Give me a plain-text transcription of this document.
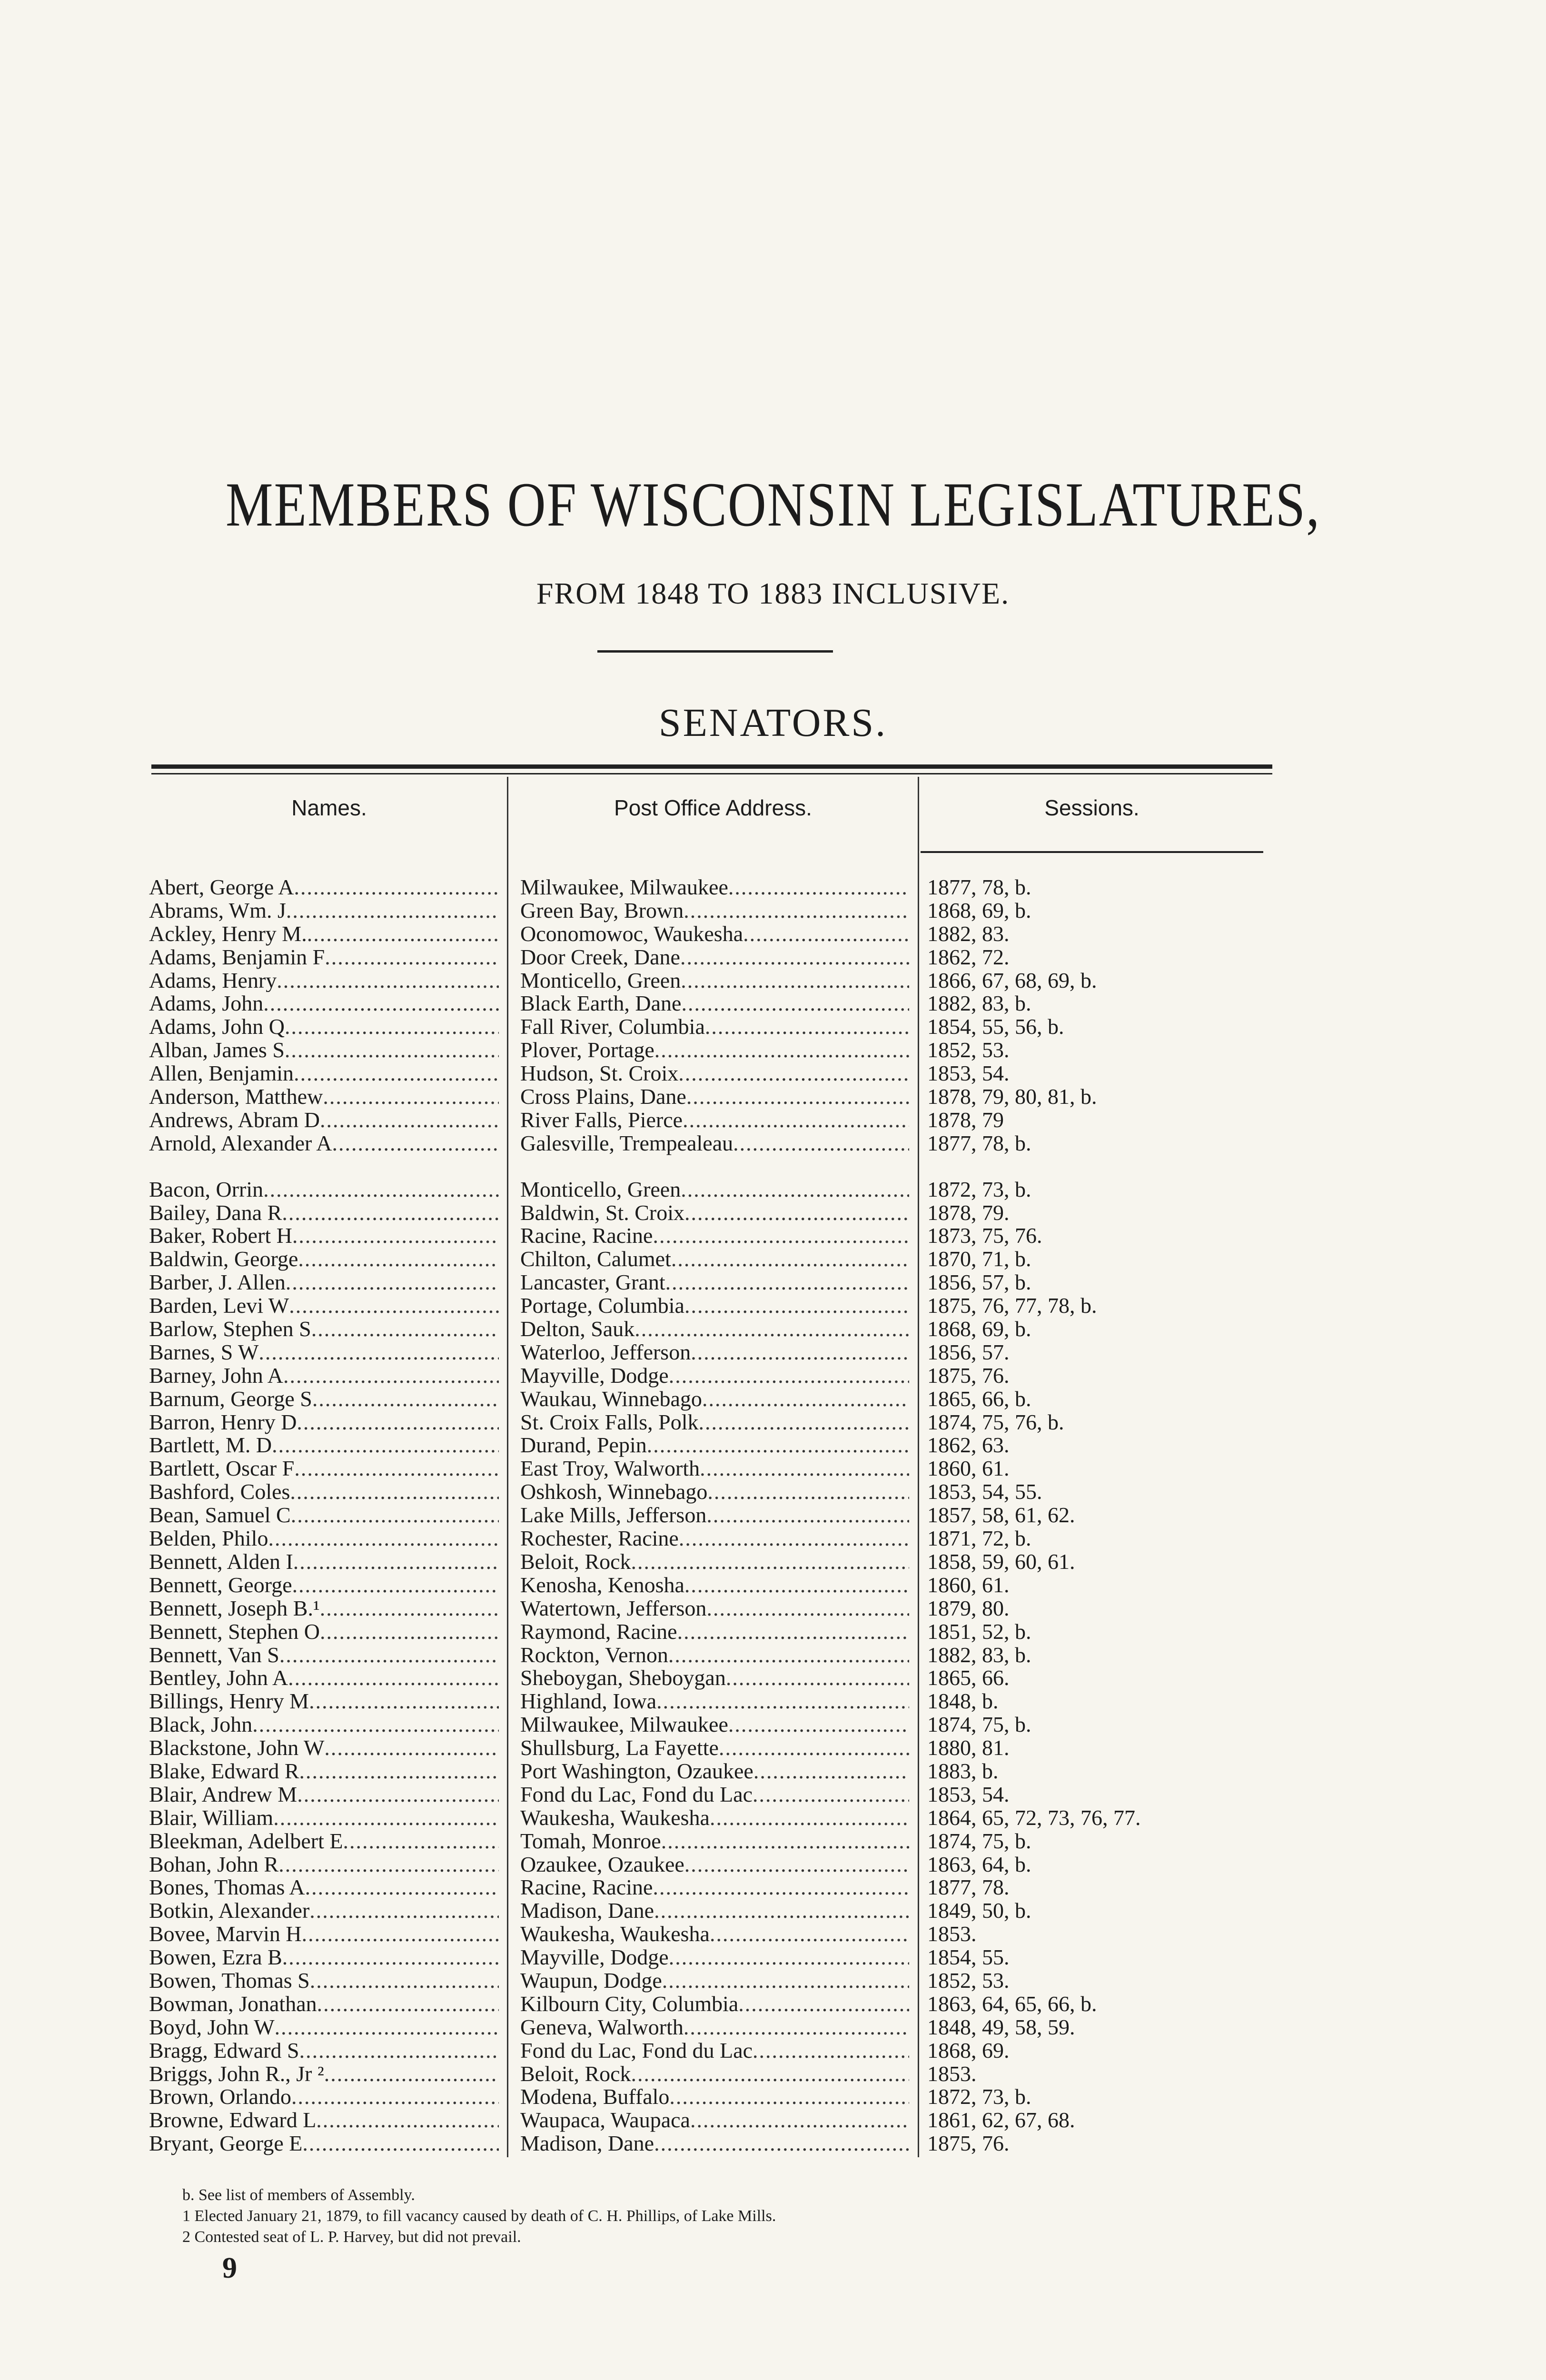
MEMBERS OF WISCONSIN LEGISLATURES,
FROM 1848 TO 1883 INCLUSIVE.
SENATORS.
Names.	Post Office Address.	Sessions.
Abert, George A .....	Milwaukee, Milwaukee .....	1877, 78, b.
Abrams, Wm. J .....	Green Bay, Brown .....	1868, 69, b.
Ackley, Henry M. .....	Oconomowoc, Waukesha .....	1882, 83.
Adams, Benjamin F .....	Door Creek, Dane .....	1862, 72.
Adams, Henry .....	Monticello, Green .....	1866, 67, 68, 69, b.
Adams, John .....	Black Earth, Dane .....	1882, 83, b.
Adams, John Q .....	Fall River, Columbia .....	1854, 55, 56, b.
Alban, James S .....	Plover, Portage .....	1852, 53.
Allen, Benjamin .....	Hudson, St. Croix .....	1853, 54.
Anderson, Matthew .....	Cross Plains, Dane .....	1878, 79, 80, 81, b.
Andrews, Abram D .....	River Falls, Pierce .....	1878, 79
Arnold, Alexander A .....	Galesville, Trempealeau .....	1877, 78, b.
Bacon, Orrin .....	Monticello, Green .....	1872, 73, b.
Bailey, Dana R .....	Baldwin, St. Croix .....	1878, 79.
Baker, Robert H .....	Racine, Racine .....	1873, 75, 76.
Baldwin, George .....	Chilton, Calumet .....	1870, 71, b.
Barber, J. Allen .....	Lancaster, Grant .....	1856, 57, b.
Barden, Levi W .....	Portage, Columbia .....	1875, 76, 77, 78, b.
Barlow, Stephen S .....	Delton, Sauk .....	1868, 69, b.
Barnes, S W .....	Waterloo, Jefferson .....	1856, 57.
Barney, John A .....	Mayville, Dodge .....	1875, 76.
Barnum, George S .....	Waukau, Winnebago .....	1865, 66, b.
Barron, Henry D .....	St. Croix Falls, Polk .....	1874, 75, 76, b.
Bartlett, M. D .....	Durand, Pepin .....	1862, 63.
Bartlett, Oscar F .....	East Troy, Walworth .....	1860, 61.
Bashford, Coles .....	Oshkosh, Winnebago .....	1853, 54, 55.
Bean, Samuel C .....	Lake Mills, Jefferson .....	1857, 58, 61, 62.
Belden, Philo .....	Rochester, Racine .....	1871, 72, b.
Bennett, Alden I .....	Beloit, Rock .....	1858, 59, 60, 61.
Bennett, George .....	Kenosha, Kenosha .....	1860, 61.
Bennett, Joseph B.¹ .....	Watertown, Jefferson .....	1879, 80.
Bennett, Stephen O .....	Raymond, Racine .....	1851, 52, b.
Bennett, Van S .....	Rockton, Vernon .....	1882, 83, b.
Bentley, John A .....	Sheboygan, Sheboygan .....	1865, 66.
Billings, Henry M .....	Highland, Iowa .....	1848, b.
Black, John .....	Milwaukee, Milwaukee .....	1874, 75, b.
Blackstone, John W .....	Shullsburg, La Fayette .....	1880, 81.
Blake, Edward R .....	Port Washington, Ozaukee .....	1883, b.
Blair, Andrew M .....	Fond du Lac, Fond du Lac .....	1853, 54.
Blair, William .....	Waukesha, Waukesha .....	1864, 65, 72, 73, 76, 77.
Bleekman, Adelbert E .....	Tomah, Monroe .....	1874, 75, b.
Bohan, John R .....	Ozaukee, Ozaukee .....	1863, 64, b.
Bones, Thomas A .....	Racine, Racine .....	1877, 78.
Botkin, Alexander .....	Madison, Dane .....	1849, 50, b.
Bovee, Marvin H .....	Waukesha, Waukesha .....	1853.
Bowen, Ezra B .....	Mayville, Dodge .....	1854, 55.
Bowen, Thomas S .....	Waupun, Dodge .....	1852, 53.
Bowman, Jonathan .....	Kilbourn City, Columbia .....	1863, 64, 65, 66, b.
Boyd, John W .....	Geneva, Walworth .....	1848, 49, 58, 59.
Bragg, Edward S .....	Fond du Lac, Fond du Lac .....	1868, 69.
Briggs, John R., Jr ² .....	Beloit, Rock .....	1853.
Brown, Orlando .....	Modena, Buffalo .....	1872, 73, b.
Browne, Edward L .....	Waupaca, Waupaca .....	1861, 62, 67, 68.
Bryant, George E .....	Madison, Dane .....	1875, 76.
b. See list of members of Assembly.
1 Elected January 21, 1879, to fill vacancy caused by death of C. H. Phillips, of Lake Mills.
2 Contested seat of L. P. Harvey, but did not prevail.
9
